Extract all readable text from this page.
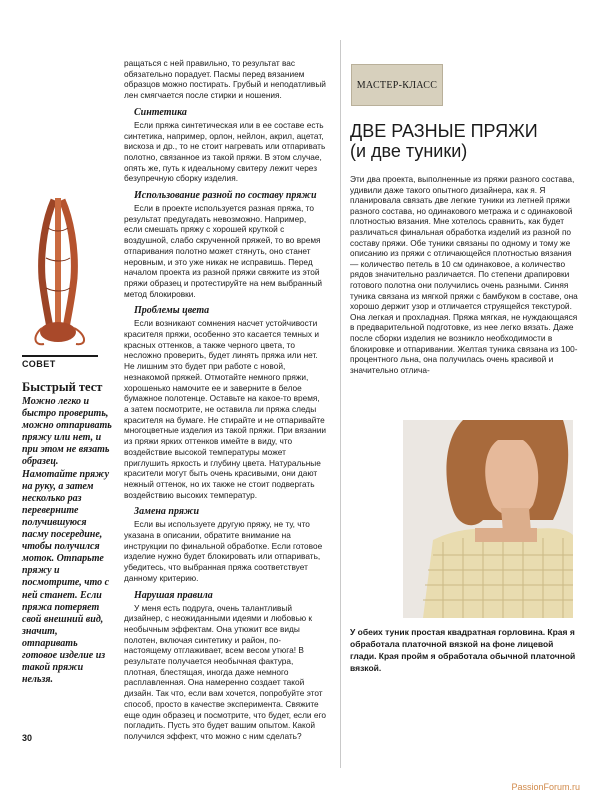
СОВЕТ
Быстрый тест

Можно легко и быстро проверить, можно отпаривать пряжу или нет, и при этом не вязать образец. Намотайте пряжу на руку, а затем несколько раз переверните получившуюся пасму посередине, чтобы получился моток. Отпарьте пряжу и посмотрите, что с ней станет. Если пряжа потеряет свой внешний вид, значит, отпаривать готовое изделие из такой пряжи нельзя.

ращаться с ней правильно, то результат вас обязательно порадует. Пасмы перед вязанием образцов можно постирать. Грубый и неподатливый лен смягчается после стирки и ношения.

Синтетика

Если пряжа синтетическая или в ее составе есть синтетика, например, орлон, нейлон, акрил, ацетат, вискоза и др., то не стоит нагревать или отпаривать полотно, связанное из такой пряжи. В этом случае, опять же, путь к идеальному свитеру лежит через безупречную сборку изделия.

Использование разной по составу пряжи

Если в проекте используется разная пряжа, то результат предугадать невозможно. Например, если смешать пряжу с хорошей круткой с воздушной, слабо скрученной пряжей, то во время отпаривания полотно может стянуть, оно станет неровным, и это уже никак не исправишь. Перед началом проекта из разной пряжи свяжите из этой пряжи образец и протестируйте на нем выбранный метод блокировки.

Проблемы цвета

Если возникают сомнения насчет устойчивости красителя пряжи, особенно это касается темных и красных оттенков, а также черного цвета, то несложно проверить, будет линять пряжа или нет. Не лишним это будет при работе с новой, незнакомой пряжей. Отмотайте немного пряжи, хорошенько намочите ее и заверните в белое бумажное полотенце. Оставьте на какое-то время, а затем посмотрите, не оставила ли пряжа следы красителя на бумаге. Не стирайте и не отпаривайте многоцветные изделия из такой пряжи. При вязании из пряжи ярких оттенков имейте в виду, что воздействие высокой температуры может приглушить яркость и глубину цвета. Натуральные красители могут быть очень красивыми, они дают нежный оттенок, но их также не стоит подвергать воздействию высоких температур.

Замена пряжи

Если вы используете другую пряжу, не ту, что указана в описании, обратите внимание на инструкции по финальной обработке. Если готовое изделие нужно будет блокировать или отпаривать, убедитесь, что выбранная пряжа соответствует данному критерию.

Нарушая правила

У меня есть подруга, очень талантливый дизайнер, с неожиданными идеями и любовью к необычным эффектам. Она утюжит все виды полотен, включая синтетику и район, по-настоящему отглаживает, всем весом утюга! В результате получается необычная фактура, плотная, блестящая, иногда даже немного расплавленная. Она намеренно создает такой дизайн. Так что, если вам хочется, попробуйте этот способ, просто в качестве эксперимента. Свяжите еще один образец и посмотрите, что будет, если его погладить. Пусть это будет вашим опытом. Какой получился эффект, что можно с ним сделать?

МАСТЕР-КЛАСС
ДВЕ РАЗНЫЕ ПРЯЖИ
(и две туники)

Эти два проекта, выполненные из пряжи разного состава, удивили даже такого опытного дизайнера, как я. Я планировала связать две легкие туники из летней пряжи разного состава, но одинакового метража и с одинаковой плотностью вязания. Мне хотелось сравнить, как будет различаться финальная обработка изделий из разной по составу пряжи. Обе туники связаны по одному и тому же описанию из пряжи с отличающейся плотностью вязания — количество петель в 10 см одинаковое, а количество рядов значительно различается. По степени драпировки готового полотна они получились очень разными. Синяя туника связана из мягкой пряжи с бамбуком в составе, она хорошо держит узор и отличается струящейся текстурой. Она легкая и прохладная. Пряжа мягкая, не нуждающаяся в предварительной подготовке, из нее легко вязать. Даже после сборки изделия не возникло необходимости в блокировке и отпаривании. Желтая туника связана из 100-процентного льна, она получилась очень красивой и значительно отлича-

У обеих туник простая квадратная горловина. Края я обработала платочной вязкой на фоне лицевой глади. Края пройм я обработала обычной платочной вязкой.

30
PassionForum.ru
